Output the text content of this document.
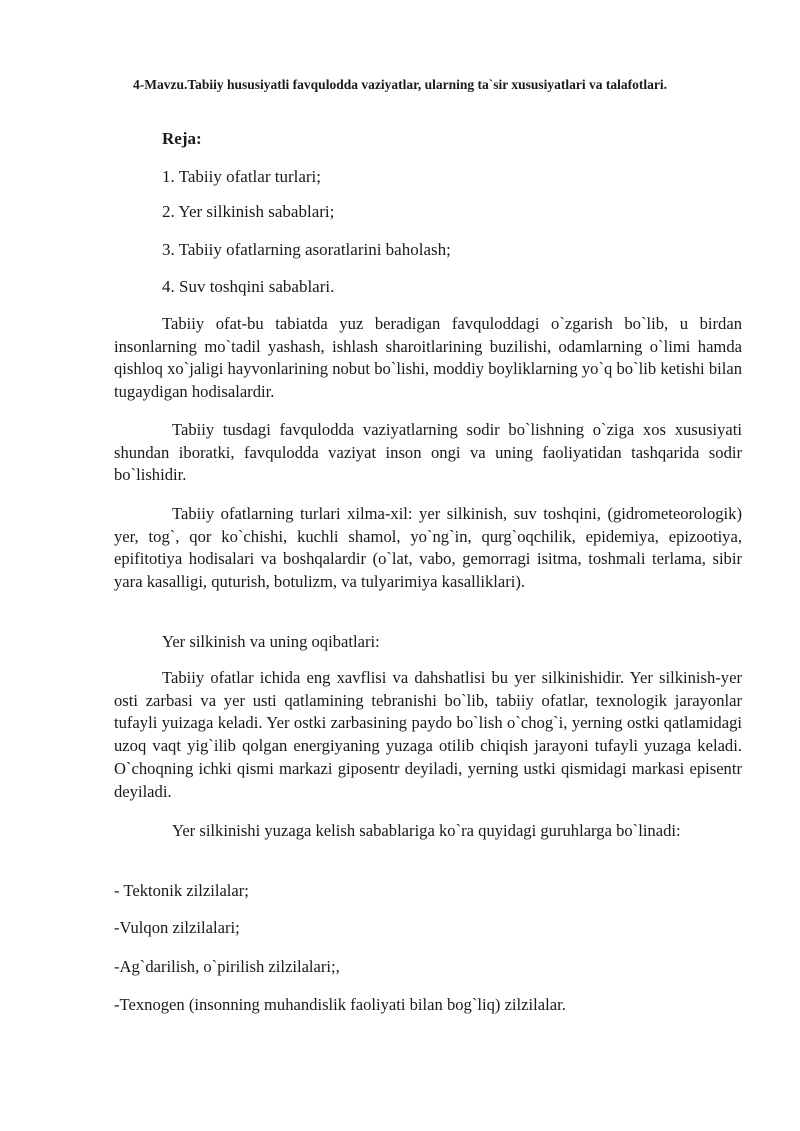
4-Mavzu.Tabiiy hususiyatli favqulodda vaziyatlar, ularning ta`sir xususiyatlari va talafotlari.
Reja:
1. Tabiiy ofatlar turlari;
2. Yer silkinish sabablari;
3. Tabiiy ofatlarning asoratlarini baholash;
4. Suv toshqini sabablari.

Tabiiy ofat-bu tabiatda yuz beradigan favquloddagi o`zgarish bo`lib, u birdan insonlarning mo`tadil yashash, ishlash sharoitlarining buzilishi, odamlarning o`limi hamda qishloq xo`jaligi hayvonlarining nobut bo`lishi, moddiy boyliklarning yo`q bo`lib ketishi bilan tugaydigan hodisalardir.

Tabiiy tusdagi favqulodda vaziyatlarning sodir bo`lishning o`ziga xos xususiyati shundan iboratki, favqulodda vaziyat inson ongi va uning faoliyatidan tashqarida sodir bo`lishidir.

Tabiiy ofatlarning turlari xilma-xil: yer silkinish, suv toshqini, (gidrometeorologik) yer, tog`, qor ko`chishi, kuchli shamol, yo`ng`in, qurg`oqchilik, epidemiya, epizootiya, epifitotiya hodisalari va boshqalardir (o`lat, vabo, gemorragi isitma, toshmali terlama, sibir yara kasalligi, quturish, botulizm, va tulyarimiya kasalliklari).

Yer silkinish va uning oqibatlari:

Tabiiy ofatlar ichida eng xavflisi va dahshatlisi bu yer silkinishidir. Yer silkinish-yer osti zarbasi va yer usti qatlamining tebranishi bo`lib, tabiiy ofatlar, texnologik jarayonlar tufayli yuizaga keladi. Yer ostki zarbasining paydo bo`lish o`chog`i, yerning ostki qatlamidagi uzoq vaqt yig`ilib qolgan energiyaning yuzaga otilib chiqish jarayoni tufayli yuzaga keladi. O`choqning ichki qismi markazi giposentr deyiladi, yerning ustki qismidagi markasi episentr deyiladi.

Yer silkinishi yuzaga kelish sabablariga ko`ra quyidagi guruhlarga bo`linadi:

- Tektonik zilzilalar;
-Vulqon zilzilalari;
-Ag`darilish, o`pirilish zilzilalari;,
-Texnogen (insonning muhandislik faoliyati bilan bog`liq) zilzilalar.
